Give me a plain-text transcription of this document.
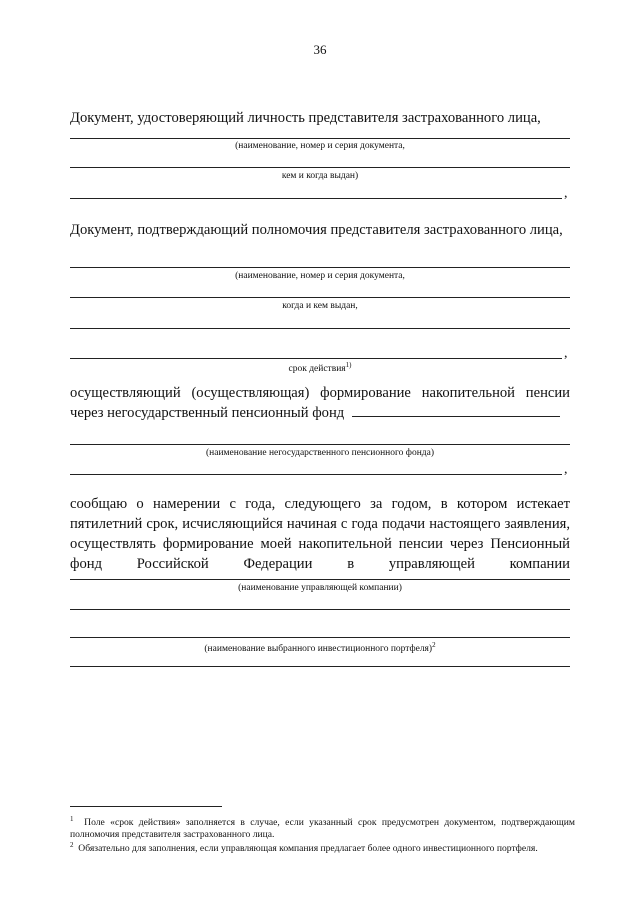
36
Документ, удостоверяющий личность представителя застрахованного лица,
(наименование, номер и серия документа,
кем и когда выдан)
,
Документ, подтверждающий полномочия представителя застрахованного лица,
(наименование, номер и серия документа,
когда и кем выдан,
,
срок действия$^{1)}$
осуществляющий (осуществляющая) формирование накопительной пенсии
через негосударственный пенсионный фонд
(наименование негосударственного пенсионного фонда)
,
сообщаю о намерении с года, следующего за годом, в котором истекает пятилетний срок, исчисляющийся начиная с года подачи настоящего заявления, осуществлять формирование моей накопительной пенсии через Пенсионный фонд Российской Федерации в управляющей компании
(наименование управляющей компании)
(наименование выбранного инвестиционного портфеля)$^2$
$^1$ Поле «срок действия» заполняется в случае, если указанный срок предусмотрен документом, подтверждающим полномочия представителя застрахованного лица.
$^2$ Обязательно для заполнения, если управляющая компания предлагает более одного инвестиционного портфеля.
